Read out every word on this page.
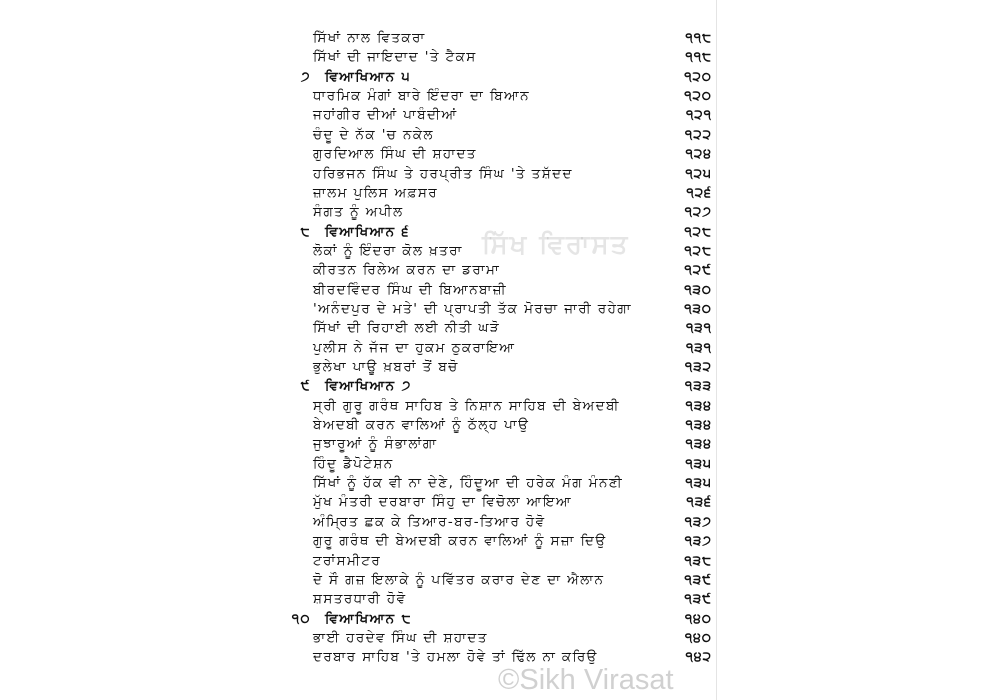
ਸਿੱਖਾਂ ਨਾਲ ਵਿਤਕਰਾ	੧੧੮
ਸਿੱਖਾਂ ਦੀ ਜਾਇਦਾਦ 'ਤੇ ਟੈਕਸ	੧੧੮
੭ ਵਿਆਖਿਆਨ ੫	੧੨੦
ਧਾਰਮਿਕ ਮੰਗਾਂ ਬਾਰੇ ਇੰਦਰਾ ਦਾ ਬਿਆਨ	੧੨੦
ਜਹਾਂਗੀਰ ਦੀਆਂ ਪਾਬੰਦੀਆਂ	੧੨੧
ਚੰਦੂ ਦੇ ਨੱਕ 'ਚ ਨਕੇਲ	੧੨੨
ਗੁਰਦਿਆਲ ਸਿੰਘ ਦੀ ਸ਼ਹਾਦਤ	੧੨੪
ਹਰਿਭਜਨ ਸਿੰਘ ਤੇ ਹਰਪ੍ਰੀਤ ਸਿੰਘ 'ਤੇ ਤਸ਼ੱਦਦ	੧੨੫
ਜ਼ਾਲਮ ਪੁਲਿਸ ਅਫ਼ਸਰ	੧੨੬
ਸੰਗਤ ਨੂੰ ਅਪੀਲ	੧੨੭
੮ ਵਿਆਖਿਆਨ ੬	੧੨੮
ਲੋਕਾਂ ਨੂੰ ਇੰਦਰਾ ਕੋਲ ਖ਼ਤਰਾ	੧੨੮
ਕੀਰਤਨ ਰਿਲੇਅ ਕਰਨ ਦਾ ਡਰਾਮਾ	੧੨੯
ਬੀਰਦਵਿੰਦਰ ਸਿੰਘ ਦੀ ਬਿਆਨਬਾਜ਼ੀ	੧੩੦
'ਅਨੰਦਪੁਰ ਦੇ ਮਤੇ' ਦੀ ਪ੍ਰਾਪਤੀ ਤੱਕ ਮੋਰਚਾ ਜਾਰੀ ਰਹੇਗਾ	੧੩੦
ਸਿੱਖਾਂ ਦੀ ਰਿਹਾਈ ਲਈ ਨੀਤੀ ਘੜੋ	੧੩੧
ਪੁਲੀਸ ਨੇ ਜੱਜ ਦਾ ਹੁਕਮ ਠੁਕਰਾਇਆ	੧੩੧
ਭੁਲੇਖਾ ਪਾਊ ਖ਼ਬਰਾਂ ਤੋਂ ਬਚੋ	੧੩੨
੯ ਵਿਆਖਿਆਨ ੭	੧੩੩
ਸ੍ਰੀ ਗੁਰੂ ਗਰੰਥ ਸਾਹਿਬ ਤੇ ਨਿਸ਼ਾਨ ਸਾਹਿਬ ਦੀ ਬੇਅਦਬੀ	੧੩੪
ਬੇਅਦਬੀ ਕਰਨ ਵਾਲਿਆਂ ਨੂੰ ਠੱਲ੍ਹ ਪਾਉ	੧੩੪
ਜੁਝਾਰੂਆਂ ਨੂੰ ਸੰਭਾਲਾਂਗਾ	੧੩੪
ਹਿੰਦੂ ਡੈਪੋਟੇਸ਼ਨ	੧੩੫
ਸਿੱਖਾਂ ਨੂੰ ਹੱਕ ਵੀ ਨਾ ਦੇਣੇ, ਹਿੰਦੂਆ ਦੀ ਹਰੇਕ ਮੰਗ ਮੰਨਣੀ	੧੩੫
ਮੁੱਖ ਮੰਤਰੀ ਦਰਬਾਰਾ ਸਿੰਹੁ ਦਾ ਵਿਚੋਲਾ ਆਇਆ	੧੩੬
ਅੰਮ੍ਰਿਤ ਛਕ ਕੇ ਤਿਆਰ-ਬਰ-ਤਿਆਰ ਹੋਵੋ	੧੩੭
ਗੁਰੂ ਗਰੰਥ ਦੀ ਬੇਅਦਬੀ ਕਰਨ ਵਾਲਿਆਂ ਨੂੰ ਸਜ਼ਾ ਦਿਉ	੧੩੭
ਟਰਾਂਸਮੀਟਰ	੧੩੮
ਦੋ ਸੌ ਗਜ਼ ਇਲਾਕੇ ਨੂੰ ਪਵਿੱਤਰ ਕਰਾਰ ਦੇਣ ਦਾ ਐਲਾਨ	੧੩੯
ਸ਼ਸਤਰਧਾਰੀ ਹੋਵੋ	੧੩੯
੧੦ ਵਿਆਖਿਆਨ ੮	੧੪੦
ਭਾਈ ਹਰਦੇਵ ਸਿੰਘ ਦੀ ਸ਼ਹਾਦਤ	੧੪੦
ਦਰਬਾਰ ਸਾਹਿਬ 'ਤੇ ਹਮਲਾ ਹੋਵੇ ਤਾਂ ਢਿੱਲ ਨਾ ਕਰਿਉ	੧੪੨
ਸਿੱਖ ਵਿਰਾਸਤ
©Sikh Virasat
